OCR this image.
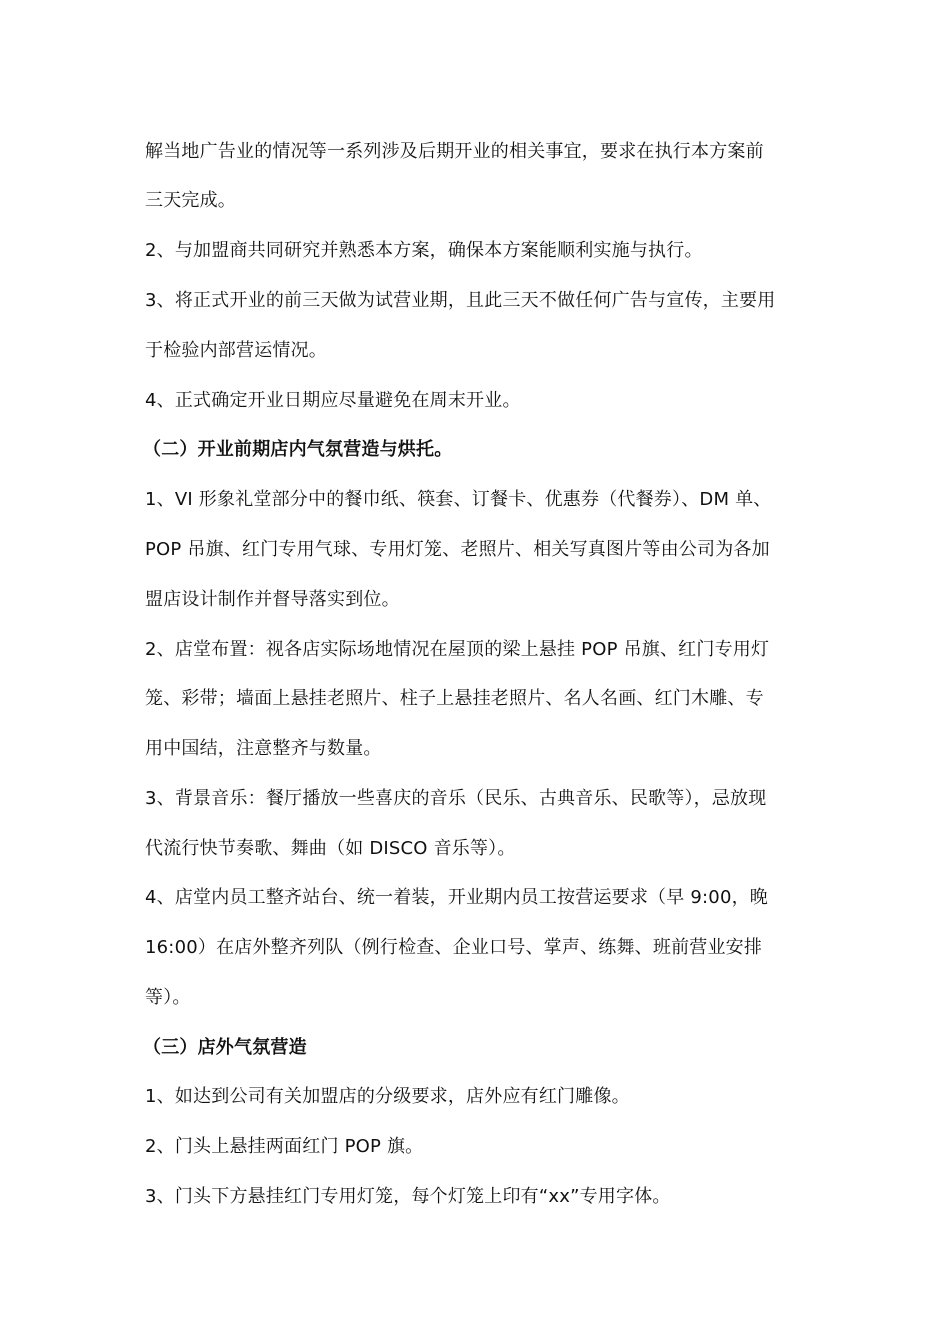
解当地广告业的情况等一系列涉及后期开业的相关事宜，要求在执行本方案前
三天完成。
2、与加盟商共同研究并熟悉本方案，确保本方案能顺利实施与执行。
3、将正式开业的前三天做为试营业期，且此三天不做任何广告与宣传，主要用
于检验内部营运情况。
4、正式确定开业日期应尽量避免在周末开业。
（二）开业前期店内气氛营造与烘托。
1、VI 形象礼堂部分中的餐巾纸、筷套、订餐卡、优惠券（代餐券）、DM 单、
POP 吊旗、红门专用气球、专用灯笼、老照片、相关写真图片等由公司为各加
盟店设计制作并督导落实到位。
2、店堂布置：视各店实际场地情况在屋顶的梁上悬挂 POP 吊旗、红门专用灯
笼、彩带；墙面上悬挂老照片、柱子上悬挂老照片、名人名画、红门木雕、专
用中国结，注意整齐与数量。
3、背景音乐：餐厅播放一些喜庆的音乐（民乐、古典音乐、民歌等），忌放现
代流行快节奏歌、舞曲（如 DISCO 音乐等）。
4、店堂内员工整齐站台、统一着装，开业期内员工按营运要求（早 9:00，晚
16:00）在店外整齐列队（例行检查、企业口号、掌声、练舞、班前营业安排
等）。
（三）店外气氛营造
1、如达到公司有关加盟店的分级要求，店外应有红门雕像。
2、门头上悬挂两面红门 POP 旗。
3、门头下方悬挂红门专用灯笼，每个灯笼上印有“xx”专用字体。
